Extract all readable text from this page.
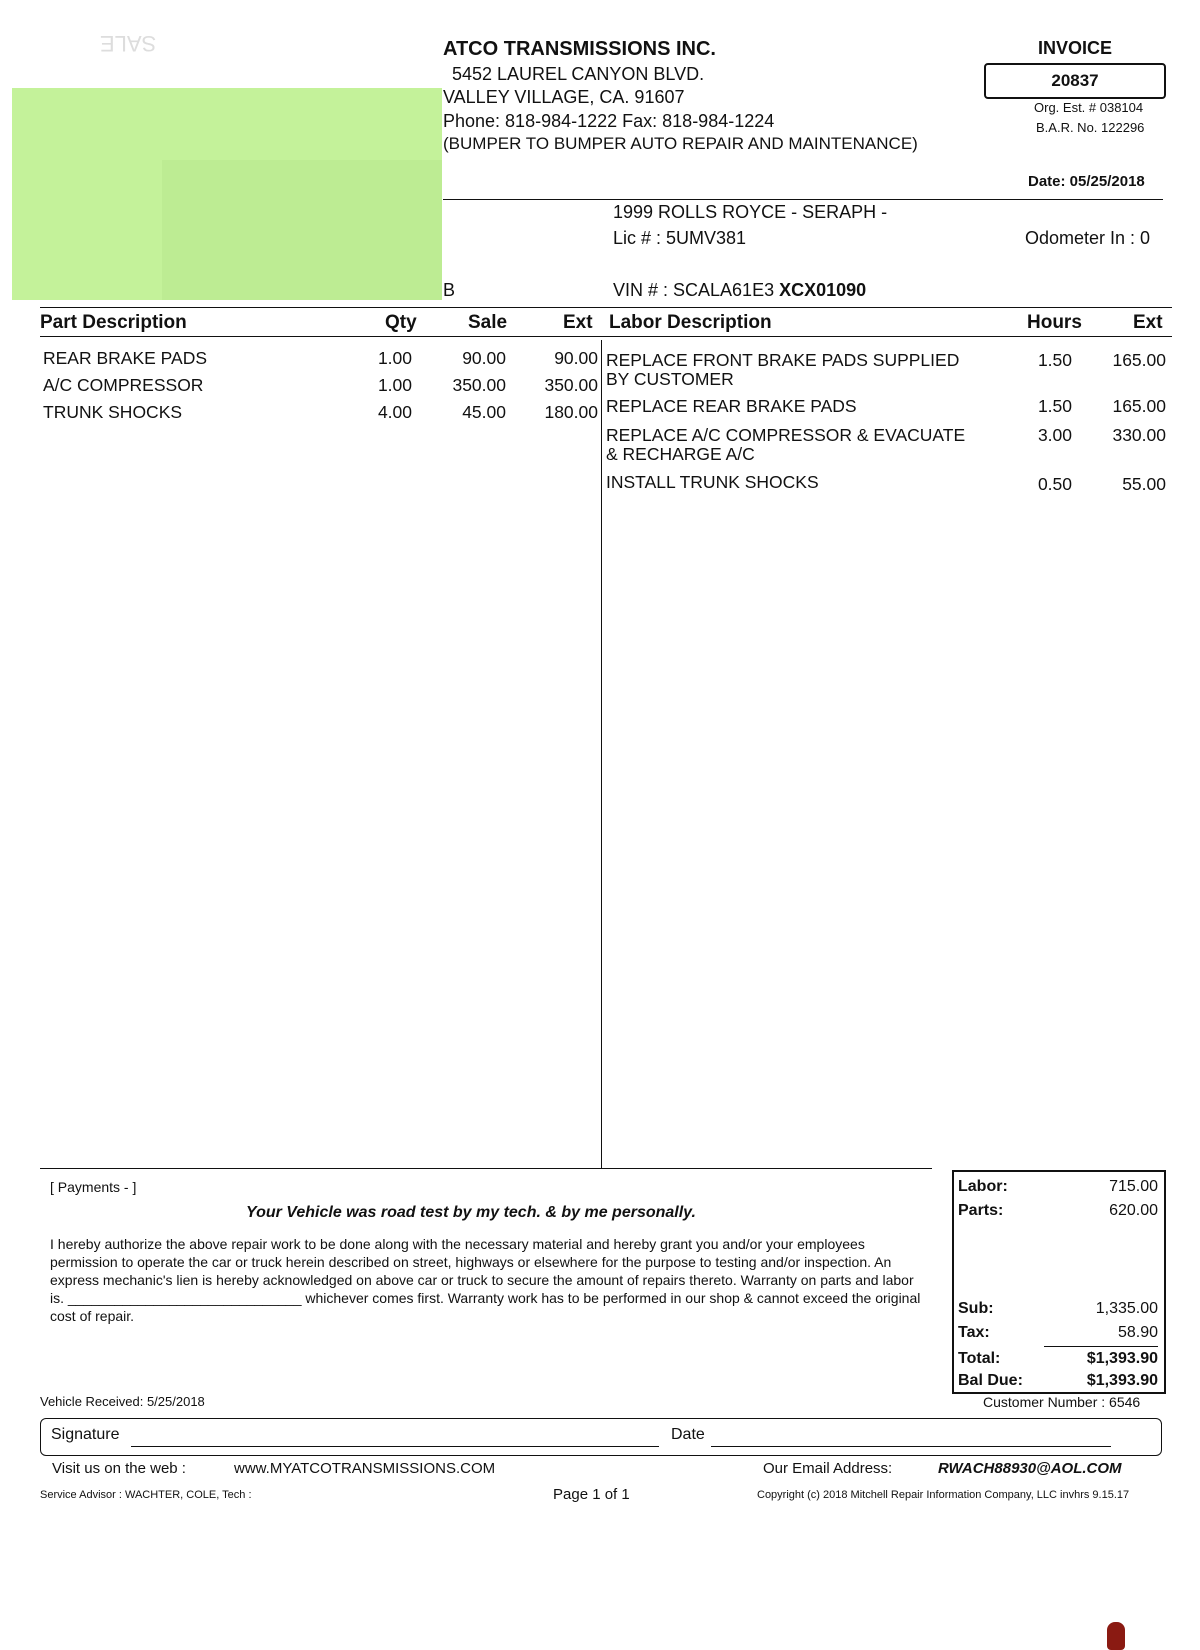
SALE	ATCO TRANSMISSIONS INC.
5452 LAUREL CANYON BLVD.
VALLEY VILLAGE, CA. 91607
Phone: 818-984-1222 Fax: 818-984-1224
(BUMPER TO BUMPER AUTO REPAIR AND MAINTENANCE)
INVOICE
20837
Org. Est. # 038104
B.A.R. No. 122296
Date: 05/25/2018
1999 ROLLS ROYCE - SERAPH -
Lic # : 5UMV381	Odometer In : 0
B	VIN # : SCALA61E3 XCX01090
Part Description	Qty	Sale	Ext Labor Description	Hours	Ext
REAR BRAKE PADS	1.00	90.00	90.00
A/C COMPRESSOR	1.00	350.00	350.00
TRUNK SHOCKS	4.00	45.00	180.00
REPLACE FRONT BRAKE PADS SUPPLIED
BY CUSTOMER
1.50	165.00
REPLACE REAR BRAKE PADS	1.50	165.00
REPLACE A/C COMPRESSOR & EVACUATE
& RECHARGE A/C
3.00	330.00
INSTALL TRUNK SHOCKS	0.50	55.00
[ Payments - ]
Your Vehicle was road test by my tech. & by me personally.
I hereby authorize the above repair work to be done along with the necessary material and hereby grant you and/or your employees permission to operate the car or truck herein described on street, highways or elsewhere for the purpose to testing and/or inspection. An express mechanic's lien is hereby acknowledged on above car or truck to secure the amount of repairs thereto. Warranty on parts and labor is. ______________________________ whichever comes first. Warranty work has to be performed in our shop & cannot exceed the original cost of repair.
Labor:	715.00
Parts:	620.00
Sub:	1,335.00
Tax:	58.90
Total:	$1,393.90
Bal Due:	$1,393.90
Vehicle Received: 5/25/2018	Customer Number : 6546
Signature	Date
Visit us on the web :	www.MYATCOTRANSMISSIONS.COM	Our Email Address:	RWACH88930@AOL.COM
Service Advisor : WACHTER, COLE, Tech :	Page 1 of 1	Copyright (c) 2018 Mitchell Repair Information Company, LLC invhrs 9.15.17
